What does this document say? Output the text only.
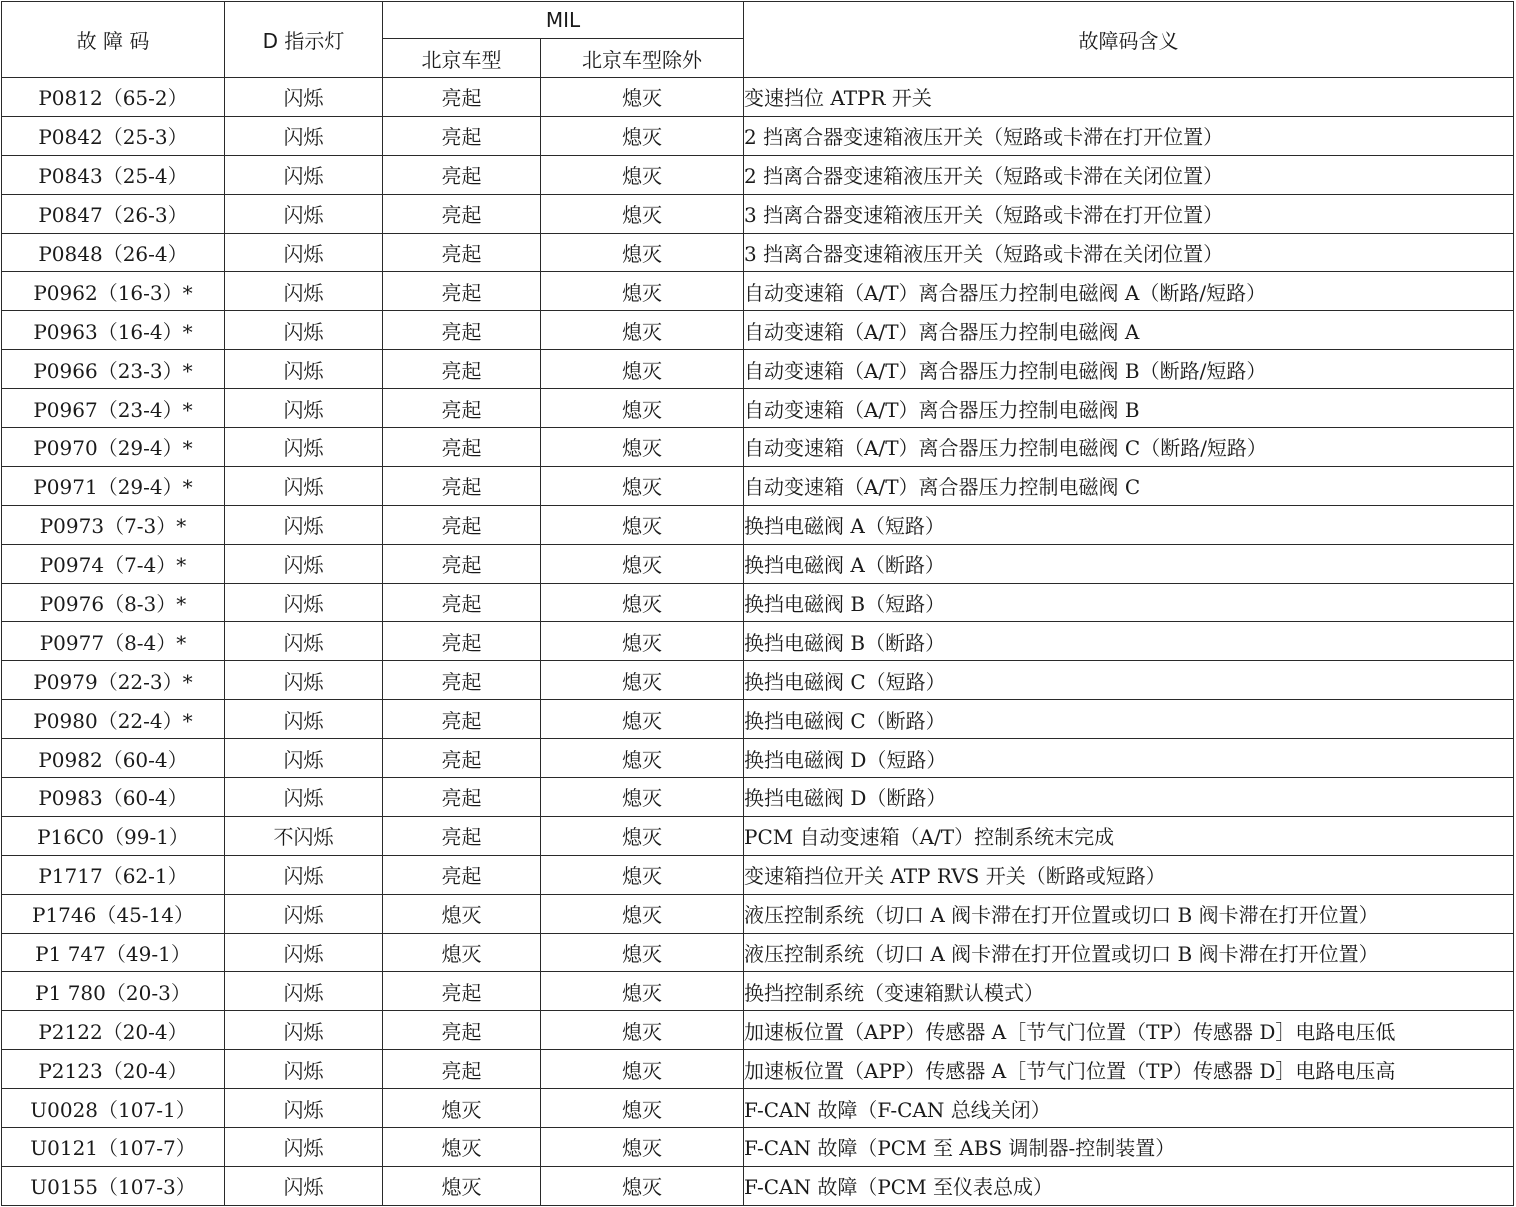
故 障 码	D 指示灯	MIL		故障码含义
		北京车型	北京车型除外	
P0812（65-2）	闪烁	亮起	熄灭	变速挡位 ATPR 开关
P0842（25-3）	闪烁	亮起	熄灭	2 挡离合器变速箱液压开关（短路或卡滞在打开位置）
P0843（25-4）	闪烁	亮起	熄灭	2 挡离合器变速箱液压开关（短路或卡滞在关闭位置）
P0847（26-3）	闪烁	亮起	熄灭	3 挡离合器变速箱液压开关（短路或卡滞在打开位置）
P0848（26-4）	闪烁	亮起	熄灭	3 挡离合器变速箱液压开关（短路或卡滞在关闭位置）
P0962（16-3）*	闪烁	亮起	熄灭	自动变速箱（A/T）离合器压力控制电磁阀 A（断路/短路）
P0963（16-4）*	闪烁	亮起	熄灭	自动变速箱（A/T）离合器压力控制电磁阀 A
P0966（23-3）*	闪烁	亮起	熄灭	自动变速箱（A/T）离合器压力控制电磁阀 B（断路/短路）
P0967（23-4）*	闪烁	亮起	熄灭	自动变速箱（A/T）离合器压力控制电磁阀 B
P0970（29-4）*	闪烁	亮起	熄灭	自动变速箱（A/T）离合器压力控制电磁阀 C（断路/短路）
P0971（29-4）*	闪烁	亮起	熄灭	自动变速箱（A/T）离合器压力控制电磁阀 C
P0973（7-3）*	闪烁	亮起	熄灭	换挡电磁阀 A（短路）
P0974（7-4）*	闪烁	亮起	熄灭	换挡电磁阀 A（断路）
P0976（8-3）*	闪烁	亮起	熄灭	换挡电磁阀 B（短路）
P0977（8-4）*	闪烁	亮起	熄灭	换挡电磁阀 B（断路）
P0979（22-3）*	闪烁	亮起	熄灭	换挡电磁阀 C（短路）
P0980（22-4）*	闪烁	亮起	熄灭	换挡电磁阀 C（断路）
P0982（60-4）	闪烁	亮起	熄灭	换挡电磁阀 D（短路）
P0983（60-4）	闪烁	亮起	熄灭	换挡电磁阀 D（断路）
P16C0（99-1）	不闪烁	亮起	熄灭	PCM 自动变速箱（A/T）控制系统末完成
P1717（62-1）	闪烁	亮起	熄灭	变速箱挡位开关 ATP RVS 开关（断路或短路）
P1746（45-14）	闪烁	熄灭	熄灭	液压控制系统（切口 A 阀卡滞在打开位置或切口 B 阀卡滞在打开位置）
P1 747（49-1）	闪烁	熄灭	熄灭	液压控制系统（切口 A 阀卡滞在打开位置或切口 B 阀卡滞在打开位置）
P1 780（20-3）	闪烁	亮起	熄灭	换挡控制系统（变速箱默认模式）
P2122（20-4）	闪烁	亮起	熄灭	加速板位置（APP）传感器 A［节气门位置（TP）传感器 D］电路电压低
P2123（20-4）	闪烁	亮起	熄灭	加速板位置（APP）传感器 A［节气门位置（TP）传感器 D］电路电压高
U0028（107-1）	闪烁	熄灭	熄灭	F-CAN 故障（F-CAN 总线关闭）
U0121（107-7）	闪烁	熄灭	熄灭	F-CAN 故障（PCM 至 ABS 调制器-控制装置）
U0155（107-3）	闪烁	熄灭	熄灭	F-CAN 故障（PCM 至仪表总成）
